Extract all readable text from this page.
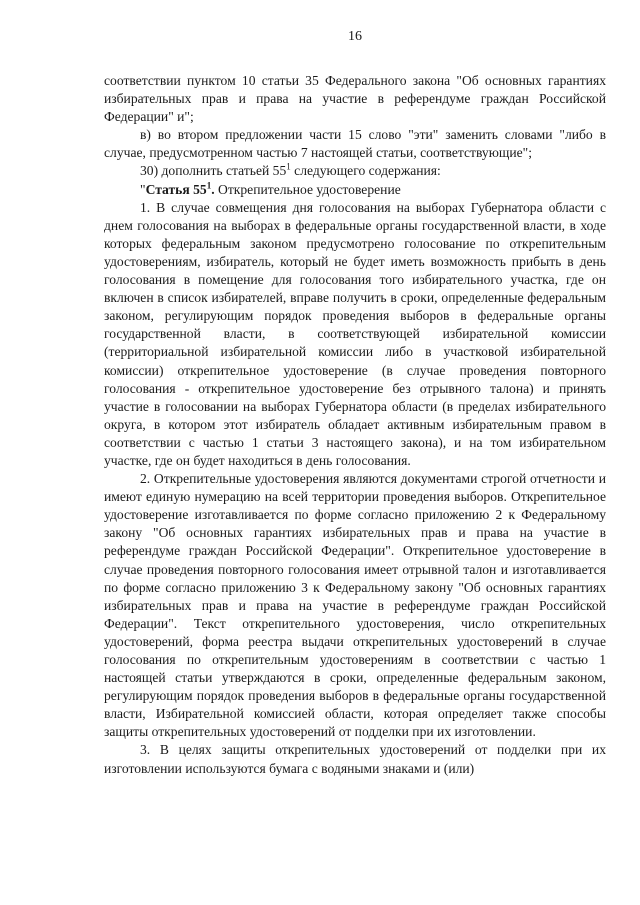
16

соответствии пунктом 10 статьи 35 Федерального закона "Об основных гарантиях избирательных прав и права на участие в референдуме граждан Российской Федерации" и";

в) во втором предложении части 15 слово "эти" заменить словами "либо в случае, предусмотренном частью 7 настоящей статьи, соответствующие";

30) дополнить статьей $55^1$ следующего содержания:

"Статья $55^1$. Открепительное удостоверение

1. В случае совмещения дня голосования на выборах Губернатора области с днем голосования на выборах в федеральные органы государственной власти, в ходе которых федеральным законом предусмотрено голосование по открепительным удостоверениям, избиратель, который не будет иметь возможность прибыть в день голосования в помещение для голосования того избирательного участка, где он включен в список избирателей, вправе получить в сроки, определенные федеральным законом, регулирующим порядок проведения выборов в федеральные органы государственной власти, в соответствующей избирательной комиссии (территориальной избирательной комиссии либо в участковой избирательной комиссии) открепительное удостоверение (в случае проведения повторного голосования - открепительное удостоверение без отрывного талона) и принять участие в голосовании на выборах Губернатора области (в пределах избирательного округа, в котором этот избиратель обладает активным избирательным правом в соответствии с частью 1 статьи 3 настоящего закона), и на том избирательном участке, где он будет находиться в день голосования.

2. Открепительные удостоверения являются документами строгой отчетности и имеют единую нумерацию на всей территории проведения выборов. Открепительное удостоверение изготавливается по форме согласно приложению 2 к Федеральному закону "Об основных гарантиях избирательных прав и права на участие в референдуме граждан Российской Федерации". Открепительное удостоверение в случае проведения повторного голосования имеет отрывной талон и изготавливается по форме согласно приложению 3 к Федеральному закону "Об основных гарантиях избирательных прав и права на участие в референдуме граждан Российской Федерации". Текст открепительного удостоверения, число открепительных удостоверений, форма реестра выдачи открепительных удостоверений в случае голосования по открепительным удостоверениям в соответствии с частью 1 настоящей статьи утверждаются в сроки, определенные федеральным законом, регулирующим порядок проведения выборов в федеральные органы государственной власти, Избирательной комиссией области, которая определяет также способы защиты открепительных удостоверений от подделки при их изготовлении.

3. В целях защиты открепительных удостоверений от подделки при их изготовлении используются бумага с водяными знаками и (или)
